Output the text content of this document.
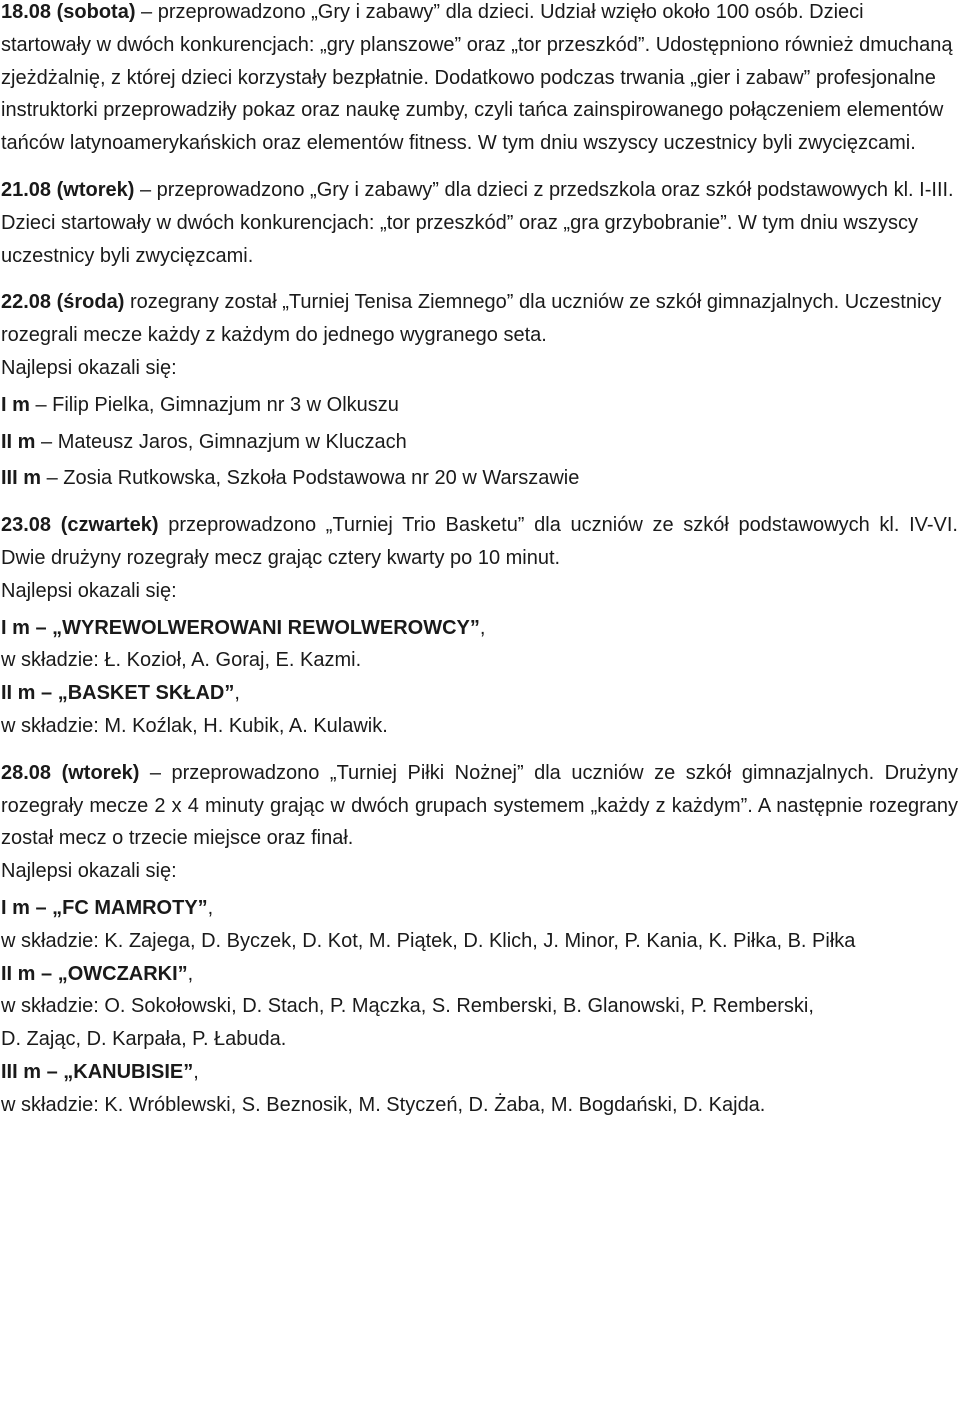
18.08 (sobota) – przeprowadzono „Gry i zabawy” dla dzieci. Udział wzięło około 100 osób. Dzieci startowały w dwóch konkurencjach: „gry planszowe” oraz „tor przeszkód”. Udostępniono również dmuchaną zjeżdżalnię, z której dzieci korzystały bezpłatnie. Dodatkowo podczas trwania „gier i zabaw” profesjonalne instruktorki przeprowadziły pokaz oraz naukę zumby, czyli tańca zainspirowanego połączeniem elementów tańców latynoamerykańskich oraz elementów fitness. W tym dniu wszyscy uczestnicy byli zwycięzcami.

21.08 (wtorek) – przeprowadzono „Gry i zabawy” dla dzieci z przedszkola oraz szkół podstawowych kl. I-III. Dzieci startowały w dwóch konkurencjach: „tor przeszkód” oraz „gra grzybobranie”. W tym dniu wszyscy uczestnicy byli zwycięzcami.

22.08 (środa) rozegrany został „Turniej Tenisa Ziemnego” dla uczniów ze szkół gimnazjalnych. Uczestnicy rozegrali mecze każdy z każdym do jednego wygranego seta.

Najlepsi okazali się:

I m – Filip Pielka, Gimnazjum nr 3 w Olkuszu

II m – Mateusz Jaros, Gimnazjum w Kluczach

III m – Zosia Rutkowska, Szkoła Podstawowa nr 20 w Warszawie

23.08 (czwartek) przeprowadzono „Turniej Trio Basketu” dla uczniów ze szkół podstawowych kl. IV-VI. Dwie drużyny rozegrały mecz grając cztery kwarty po 10 minut.

Najlepsi okazali się:

I m – „WYREWOLWEROWANI REWOLWEROWCY”,

w składzie: Ł. Kozioł, A. Goraj, E. Kazmi.

II m – „BASKET SKŁAD”,

w składzie: M. Koźlak, H. Kubik, A. Kulawik.

28.08 (wtorek) – przeprowadzono „Turniej Piłki Nożnej” dla uczniów ze szkół gimnazjalnych. Drużyny rozegrały mecze 2 x 4 minuty grając w dwóch grupach systemem „każdy z każdym”. A następnie rozegrany został mecz o trzecie miejsce oraz finał.

Najlepsi okazali się:

I m – „FC MAMROTY”,

w składzie: K. Zajega, D. Byczek, D. Kot, M. Piątek, D. Klich, J. Minor, P. Kania, K. Piłka, B. Piłka

II m – „OWCZARKI”,

w składzie: O. Sokołowski, D. Stach, P. Mączka, S. Remberski, B. Glanowski, P. Remberski, D. Zając, D. Karpała, P. Łabuda.

III m – „KANUBISIE”,

w składzie: K. Wróblewski, S. Beznosik, M. Styczeń, D. Żaba, M. Bogdański, D. Kajda.
